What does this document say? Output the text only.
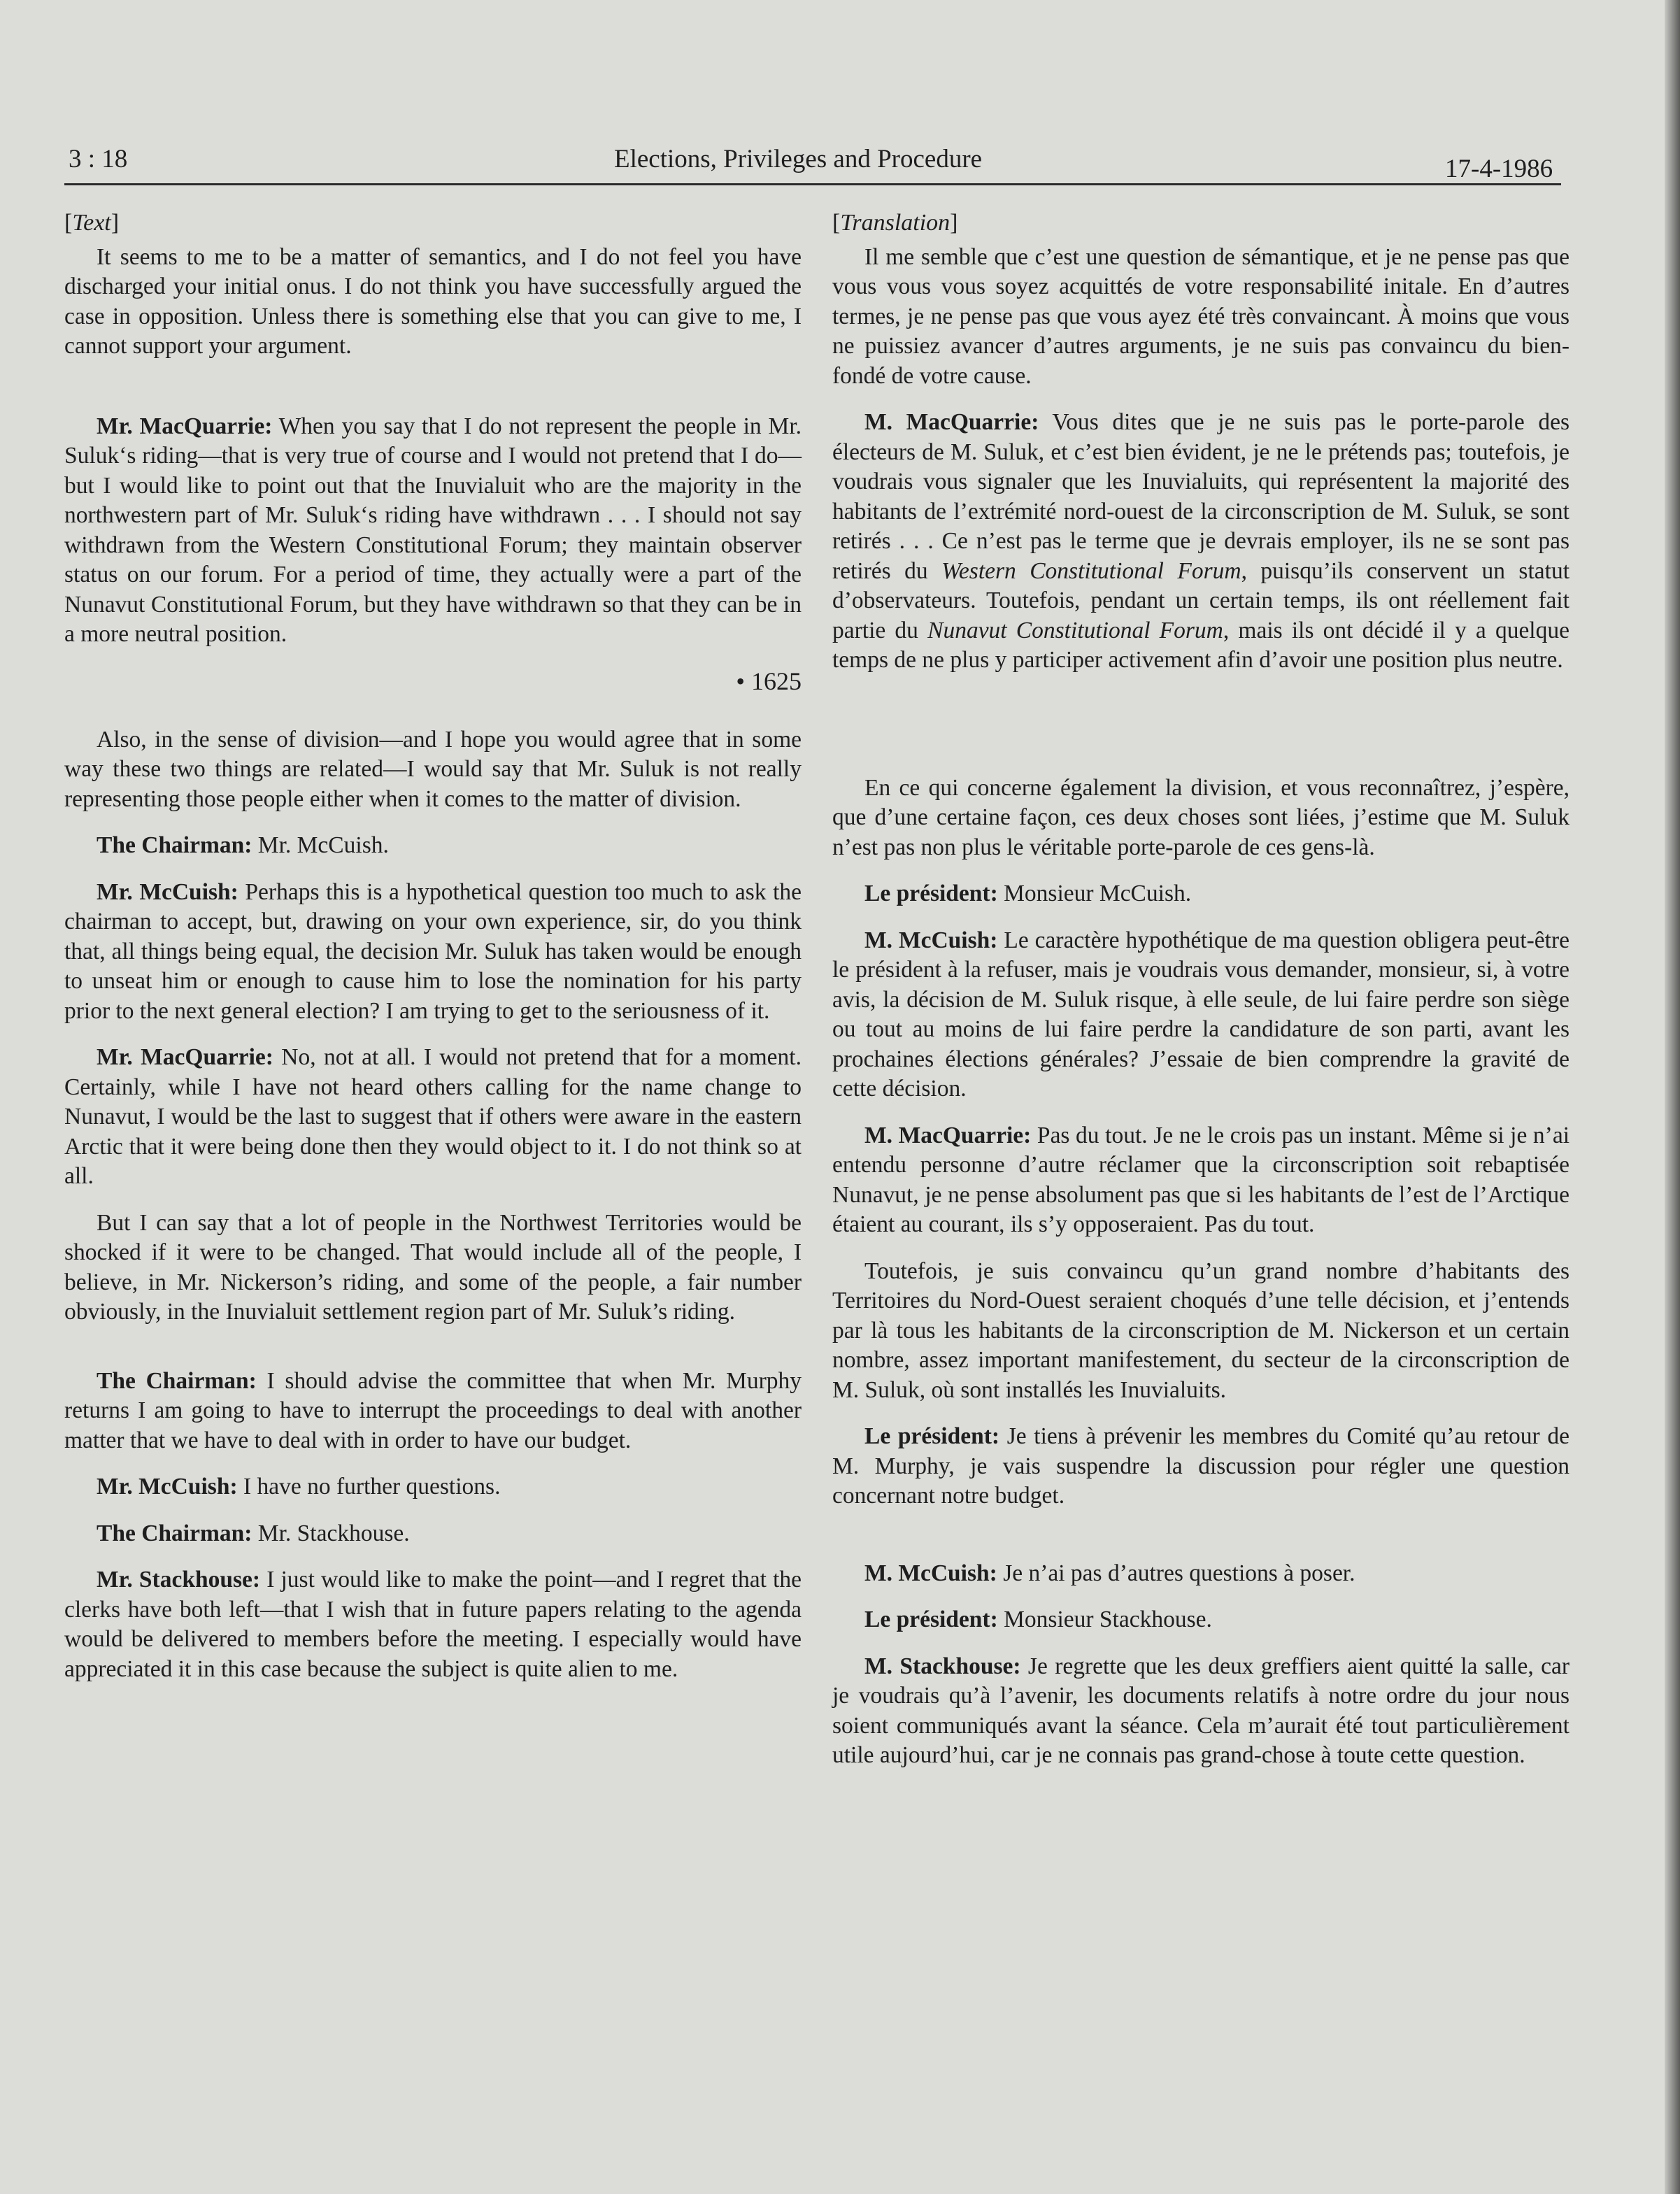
3 : 18	Elections, Privileges and Procedure	17-4-1986

[Text]

It seems to me to be a matter of semantics, and I do not feel you have discharged your initial onus. I do not think you have successfully argued the case in opposition. Unless there is something else that you can give to me, I cannot support your argument.

Mr. MacQuarrie: When you say that I do not represent the people in Mr. Suluk‘s riding—that is very true of course and I would not pretend that I do—but I would like to point out that the Inuvialuit who are the majority in the northwestern part of Mr. Suluk‘s riding have withdrawn . . . I should not say withdrawn from the Western Constitutional Forum; they maintain observer status on our forum. For a period of time, they actually were a part of the Nunavut Constitutional Forum, but they have withdrawn so that they can be in a more neutral position.

• 1625

Also, in the sense of division—and I hope you would agree that in some way these two things are related—I would say that Mr. Suluk is not really representing those people either when it comes to the matter of division.

The Chairman: Mr. McCuish.

Mr. McCuish: Perhaps this is a hypothetical question too much to ask the chairman to accept, but, drawing on your own experience, sir, do you think that, all things being equal, the decision Mr. Suluk has taken would be enough to unseat him or enough to cause him to lose the nomination for his party prior to the next general election? I am trying to get to the seriousness of it.

Mr. MacQuarrie: No, not at all. I would not pretend that for a moment. Certainly, while I have not heard others calling for the name change to Nunavut, I would be the last to suggest that if others were aware in the eastern Arctic that it were being done then they would object to it. I do not think so at all.

But I can say that a lot of people in the Northwest Territories would be shocked if it were to be changed. That would include all of the people, I believe, in Mr. Nickerson’s riding, and some of the people, a fair number obviously, in the Inuvialuit settlement region part of Mr. Suluk’s riding.

The Chairman: I should advise the committee that when Mr. Murphy returns I am going to have to interrupt the proceedings to deal with another matter that we have to deal with in order to have our budget.

Mr. McCuish: I have no further questions.

The Chairman: Mr. Stackhouse.

Mr. Stackhouse: I just would like to make the point—and I regret that the clerks have both left—that I wish that in future papers relating to the agenda would be delivered to members before the meeting. I especially would have appreciated it in this case because the subject is quite alien to me.

[Translation]

Il me semble que c’est une question de sémantique, et je ne pense pas que vous vous vous soyez acquittés de votre responsabilité initale. En d’autres termes, je ne pense pas que vous ayez été très convaincant. À moins que vous ne puissiez avancer d’autres arguments, je ne suis pas convaincu du bien-fondé de votre cause.

M. MacQuarrie: Vous dites que je ne suis pas le porte-parole des électeurs de M. Suluk, et c’est bien évident, je ne le prétends pas; toutefois, je voudrais vous signaler que les Inuvialuits, qui représentent la majorité des habitants de l’extrémité nord-ouest de la circonscription de M. Suluk, se sont retirés . . . Ce n’est pas le terme que je devrais employer, ils ne se sont pas retirés du Western Constitutional Forum, puisqu’ils conservent un statut d’observateurs. Toutefois, pendant un certain temps, ils ont réellement fait partie du Nunavut Constitutional Forum, mais ils ont décidé il y a quelque temps de ne plus y participer activement afin d’avoir une position plus neutre.

En ce qui concerne également la division, et vous reconnaîtrez, j’espère, que d’une certaine façon, ces deux choses sont liées, j’estime que M. Suluk n’est pas non plus le véritable porte-parole de ces gens-là.

Le président: Monsieur McCuish.

M. McCuish: Le caractère hypothétique de ma question obligera peut-être le président à la refuser, mais je voudrais vous demander, monsieur, si, à votre avis, la décision de M. Suluk risque, à elle seule, de lui faire perdre son siège ou tout au moins de lui faire perdre la candidature de son parti, avant les prochaines élections générales? J’essaie de bien comprendre la gravité de cette décision.

M. MacQuarrie: Pas du tout. Je ne le crois pas un instant. Même si je n’ai entendu personne d’autre réclamer que la circonscription soit rebaptisée Nunavut, je ne pense absolument pas que si les habitants de l’est de l’Arctique étaient au courant, ils s’y opposeraient. Pas du tout.

Toutefois, je suis convaincu qu’un grand nombre d’habitants des Territoires du Nord-Ouest seraient choqués d’une telle décision, et j’entends par là tous les habitants de la circonscription de M. Nickerson et un certain nombre, assez important manifestement, du secteur de la circonscription de M. Suluk, où sont installés les Inuvialuits.

Le président: Je tiens à prévenir les membres du Comité qu’au retour de M. Murphy, je vais suspendre la discussion pour régler une question concernant notre budget.

M. McCuish: Je n’ai pas d’autres questions à poser.

Le président: Monsieur Stackhouse.

M. Stackhouse: Je regrette que les deux greffiers aient quitté la salle, car je voudrais qu’à l’avenir, les documents relatifs à notre ordre du jour nous soient communiqués avant la séance. Cela m’aurait été tout particulièrement utile aujourd’hui, car je ne connais pas grand-chose à toute cette question.
